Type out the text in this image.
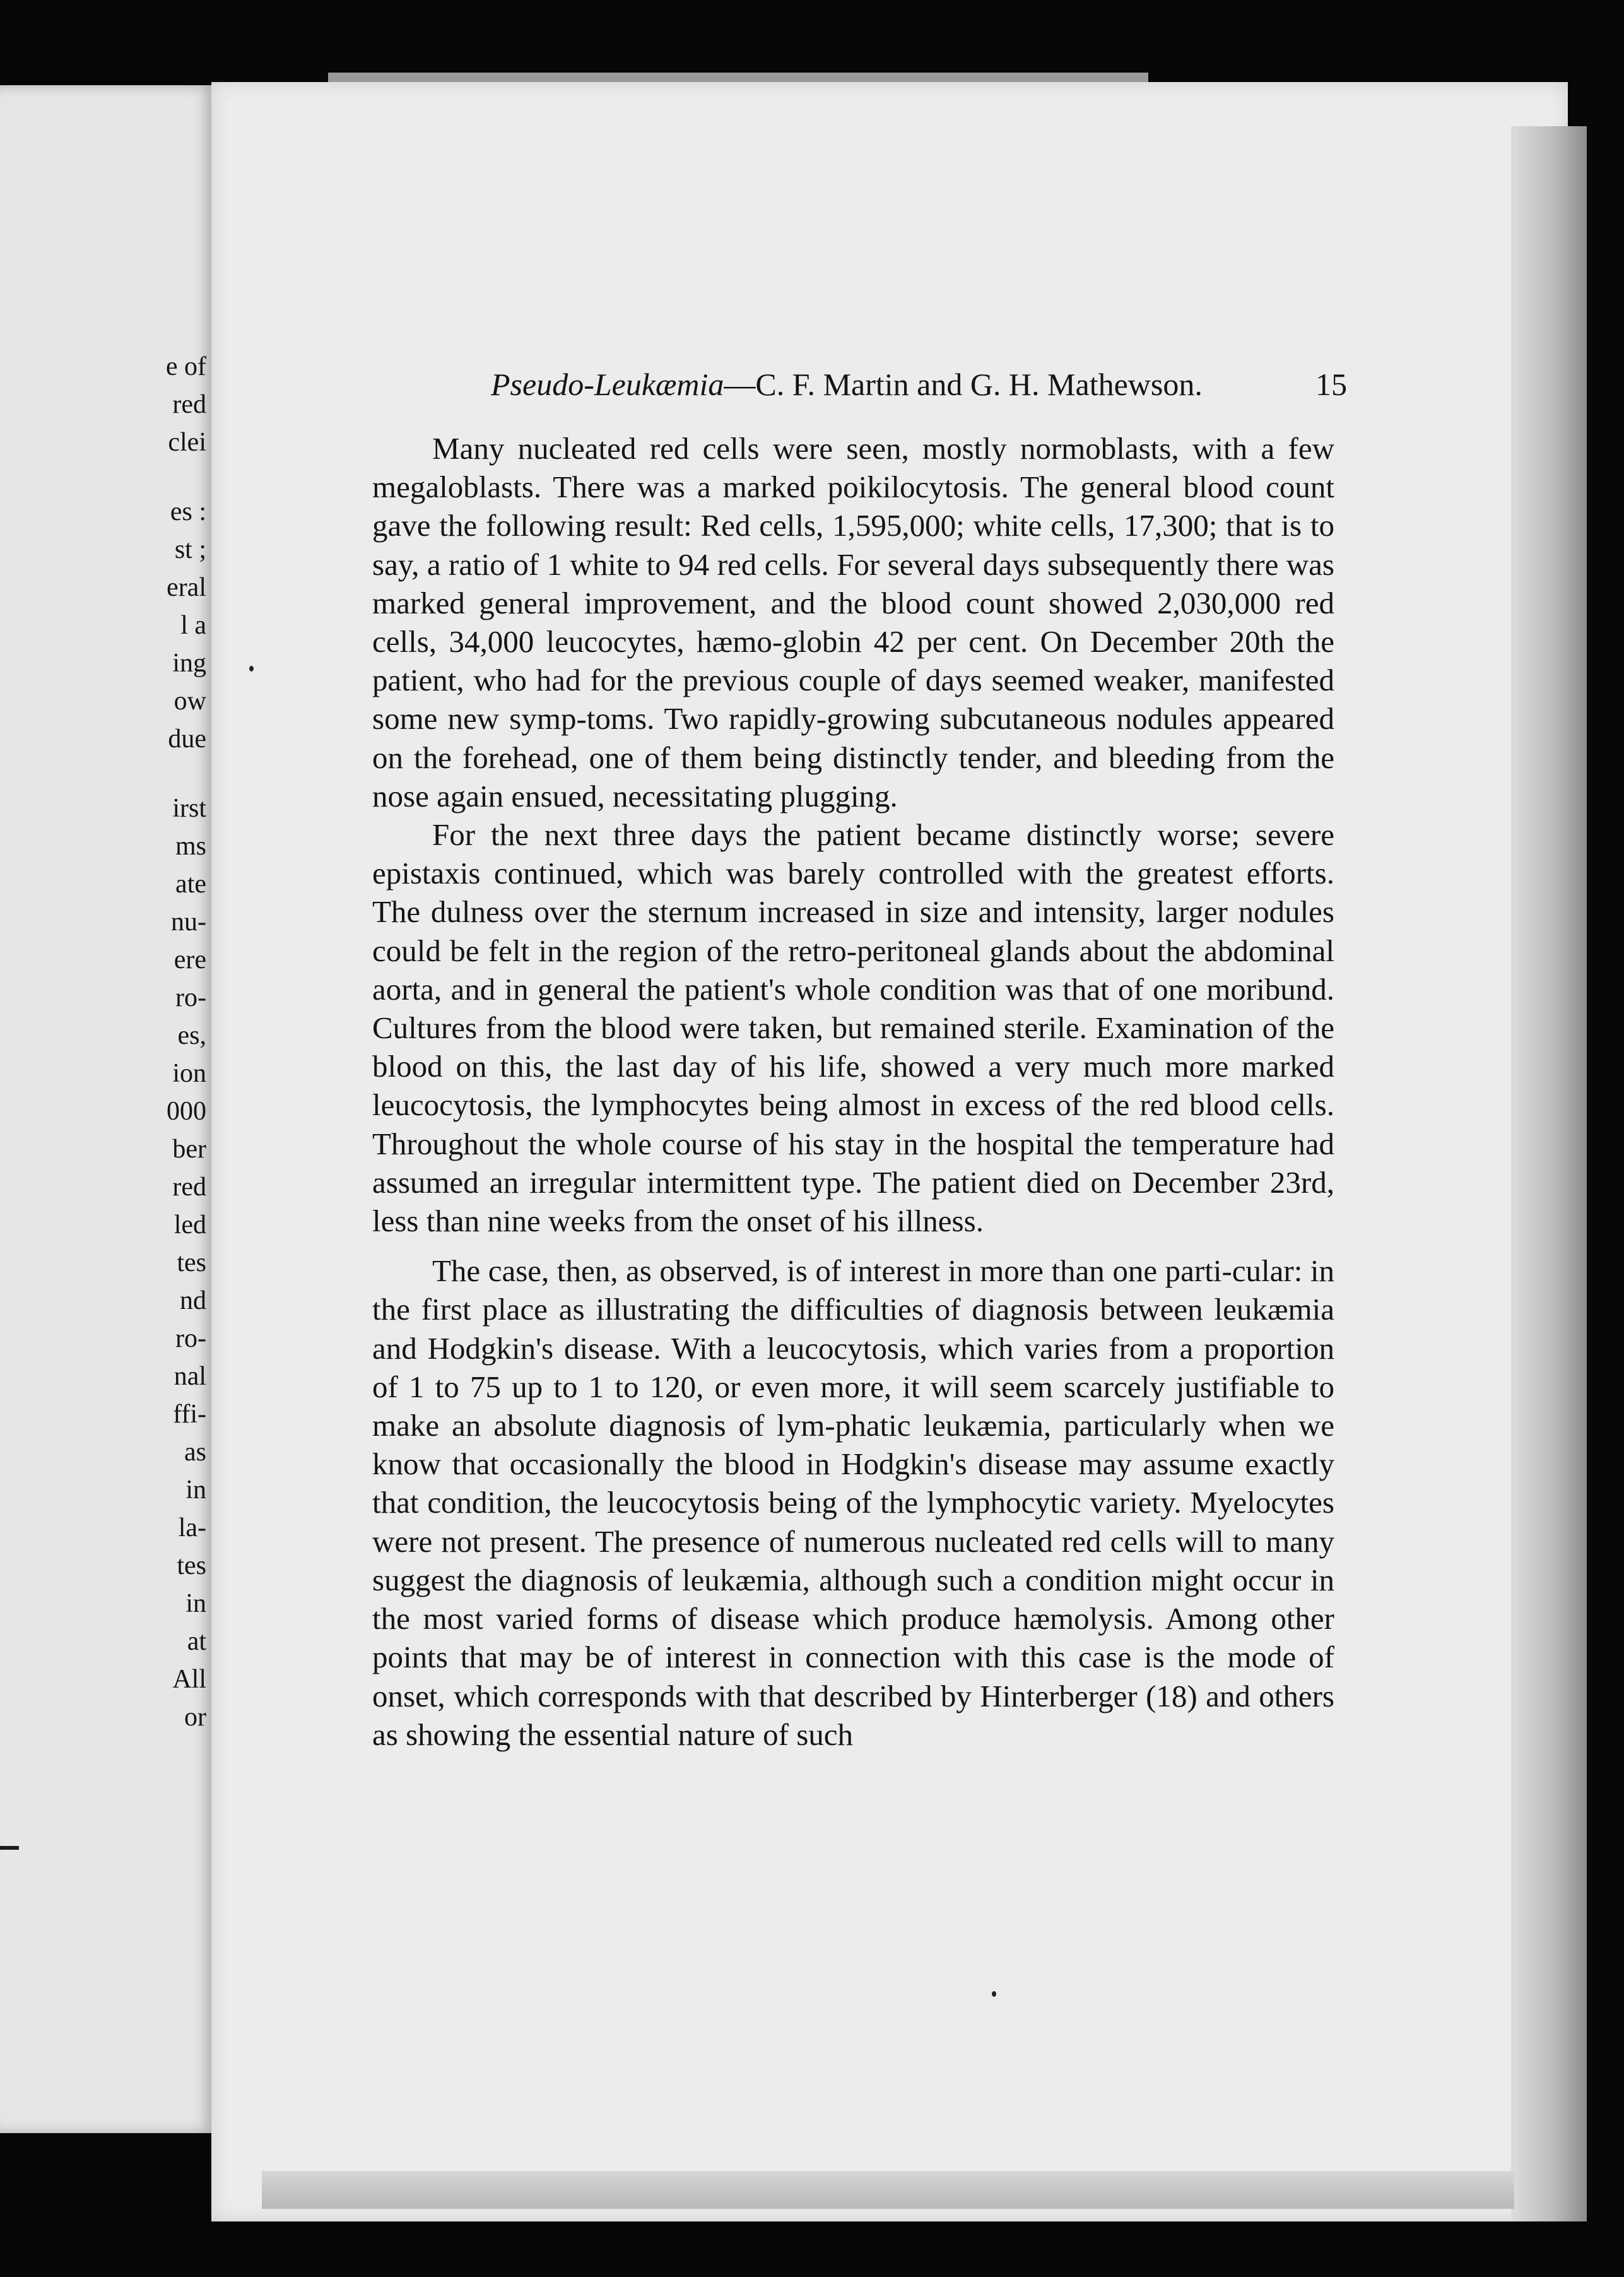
e of
red
clei
es :
st ;
eral
l a
ing
ow
due
irst
ms
ate
nu-
ere
ro-
es,
ion
000
ber
red
led
tes
nd
ro-
nal
ffi-
as
in
la-
tes
in
at
All
or
Pseudo-Leukæmia—C. F. Martin and G. H. Mathewson.	15

Many nucleated red cells were seen, mostly normoblasts, with a few megaloblasts. There was a marked poikilocytosis. The general blood count gave the following result: Red cells, 1,595,000; white cells, 17,300; that is to say, a ratio of 1 white to 94 red cells. For several days subsequently there was marked general improvement, and the blood count showed 2,030,000 red cells, 34,000 leucocytes, hæmo-globin 42 per cent. On December 20th the patient, who had for the previous couple of days seemed weaker, manifested some new symp-toms. Two rapidly-growing subcutaneous nodules appeared on the forehead, one of them being distinctly tender, and bleeding from the nose again ensued, necessitating plugging.

For the next three days the patient became distinctly worse; severe epistaxis continued, which was barely controlled with the greatest efforts. The dulness over the sternum increased in size and intensity, larger nodules could be felt in the region of the retro-peritoneal glands about the abdominal aorta, and in general the patient's whole condition was that of one moribund. Cultures from the blood were taken, but remained sterile. Examination of the blood on this, the last day of his life, showed a very much more marked leucocytosis, the lymphocytes being almost in excess of the red blood cells. Throughout the whole course of his stay in the hospital the temperature had assumed an irregular intermittent type. The patient died on December 23rd, less than nine weeks from the onset of his illness.

The case, then, as observed, is of interest in more than one parti-cular: in the first place as illustrating the difficulties of diagnosis between leukæmia and Hodgkin's disease. With a leucocytosis, which varies from a proportion of 1 to 75 up to 1 to 120, or even more, it will seem scarcely justifiable to make an absolute diagnosis of lym-phatic leukæmia, particularly when we know that occasionally the blood in Hodgkin's disease may assume exactly that condition, the leucocytosis being of the lymphocytic variety. Myelocytes were not present. The presence of numerous nucleated red cells will to many suggest the diagnosis of leukæmia, although such a condition might occur in the most varied forms of disease which produce hæmolysis. Among other points that may be of interest in connection with this case is the mode of onset, which corresponds with that described by Hinterberger (18) and others as showing the essential nature of such
